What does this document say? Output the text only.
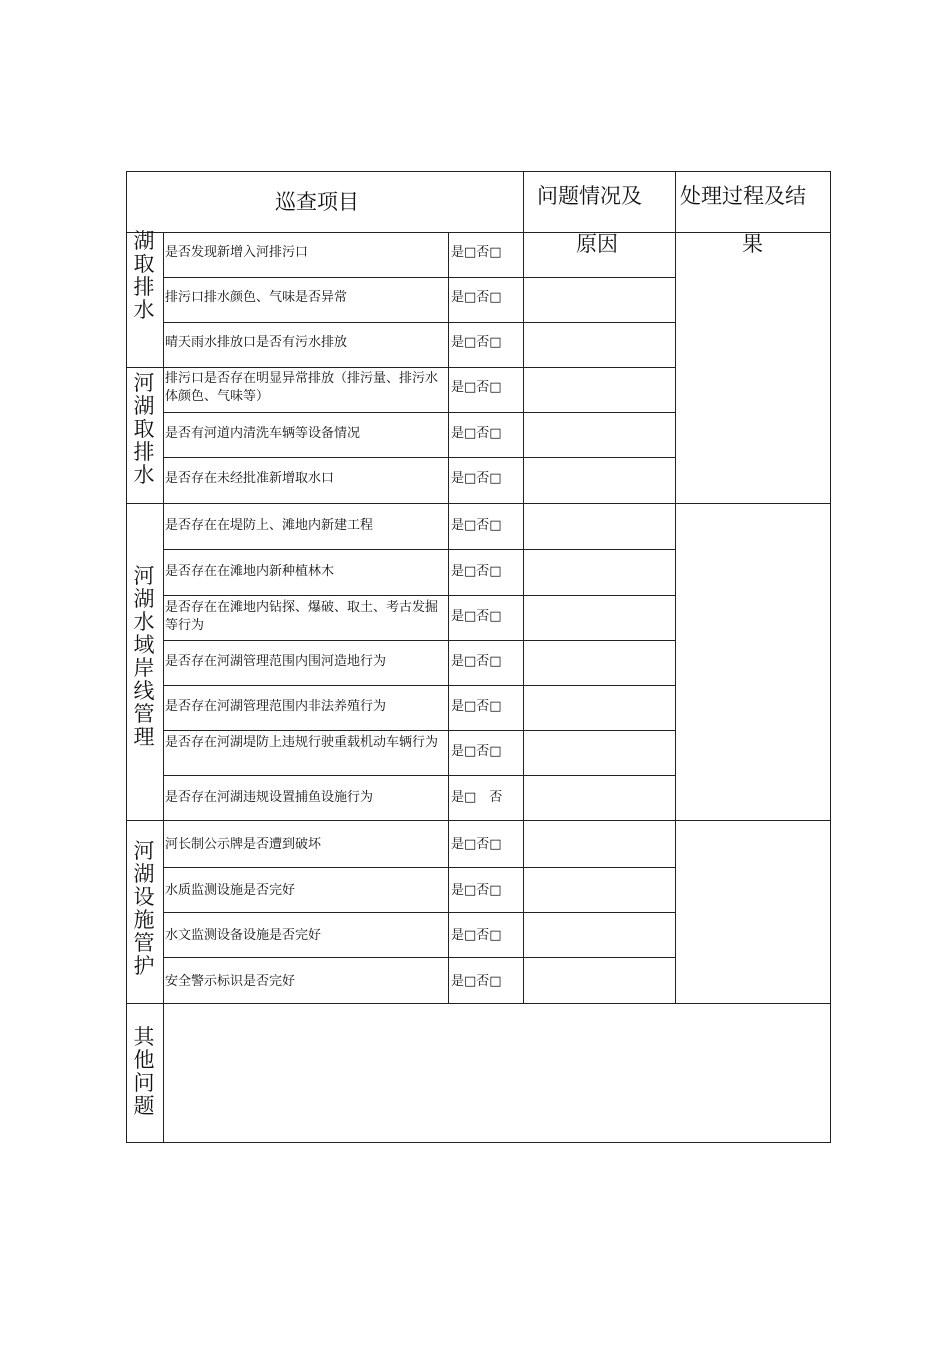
巡查项目	问题情况及
原因
处理过程及结
果
湖取排水
河湖取排水
河湖水域岸线管理
河湖设施管护
其他问题
是否发现新增入河排污口
排污口排水颜色、气味是否异常
晴天雨水排放口是否有污水排放
排污口是否存在明显异常排放（排污量、排污水体颜色、气味等）
是否有河道内清洗车辆等设备情况
是否存在未经批准新增取水口
是否存在在堤防上、滩地内新建工程
是否存在在滩地内新种植林木
是否存在在滩地内钻探、爆破、取土、考古发掘等行为
是否存在河湖管理范围内围河造地行为
是否存在河湖管理范围内非法养殖行为
是否存在河湖堤防上违规行驶重载机动车辆行为
是否存在河湖违规设置捕鱼设施行为
河长制公示牌是否遭到破坏
水质监测设施是否完好
水文监测设备设施是否完好
安全警示标识是否完好
是□否□
是□否□
是□否□
是□否□
是□否□
是□否□
是□否□
是□否□
是□否□
是□否□
是□否□
是□否□
是□　否
是□否□
是□否□
是□否□
是□否□
